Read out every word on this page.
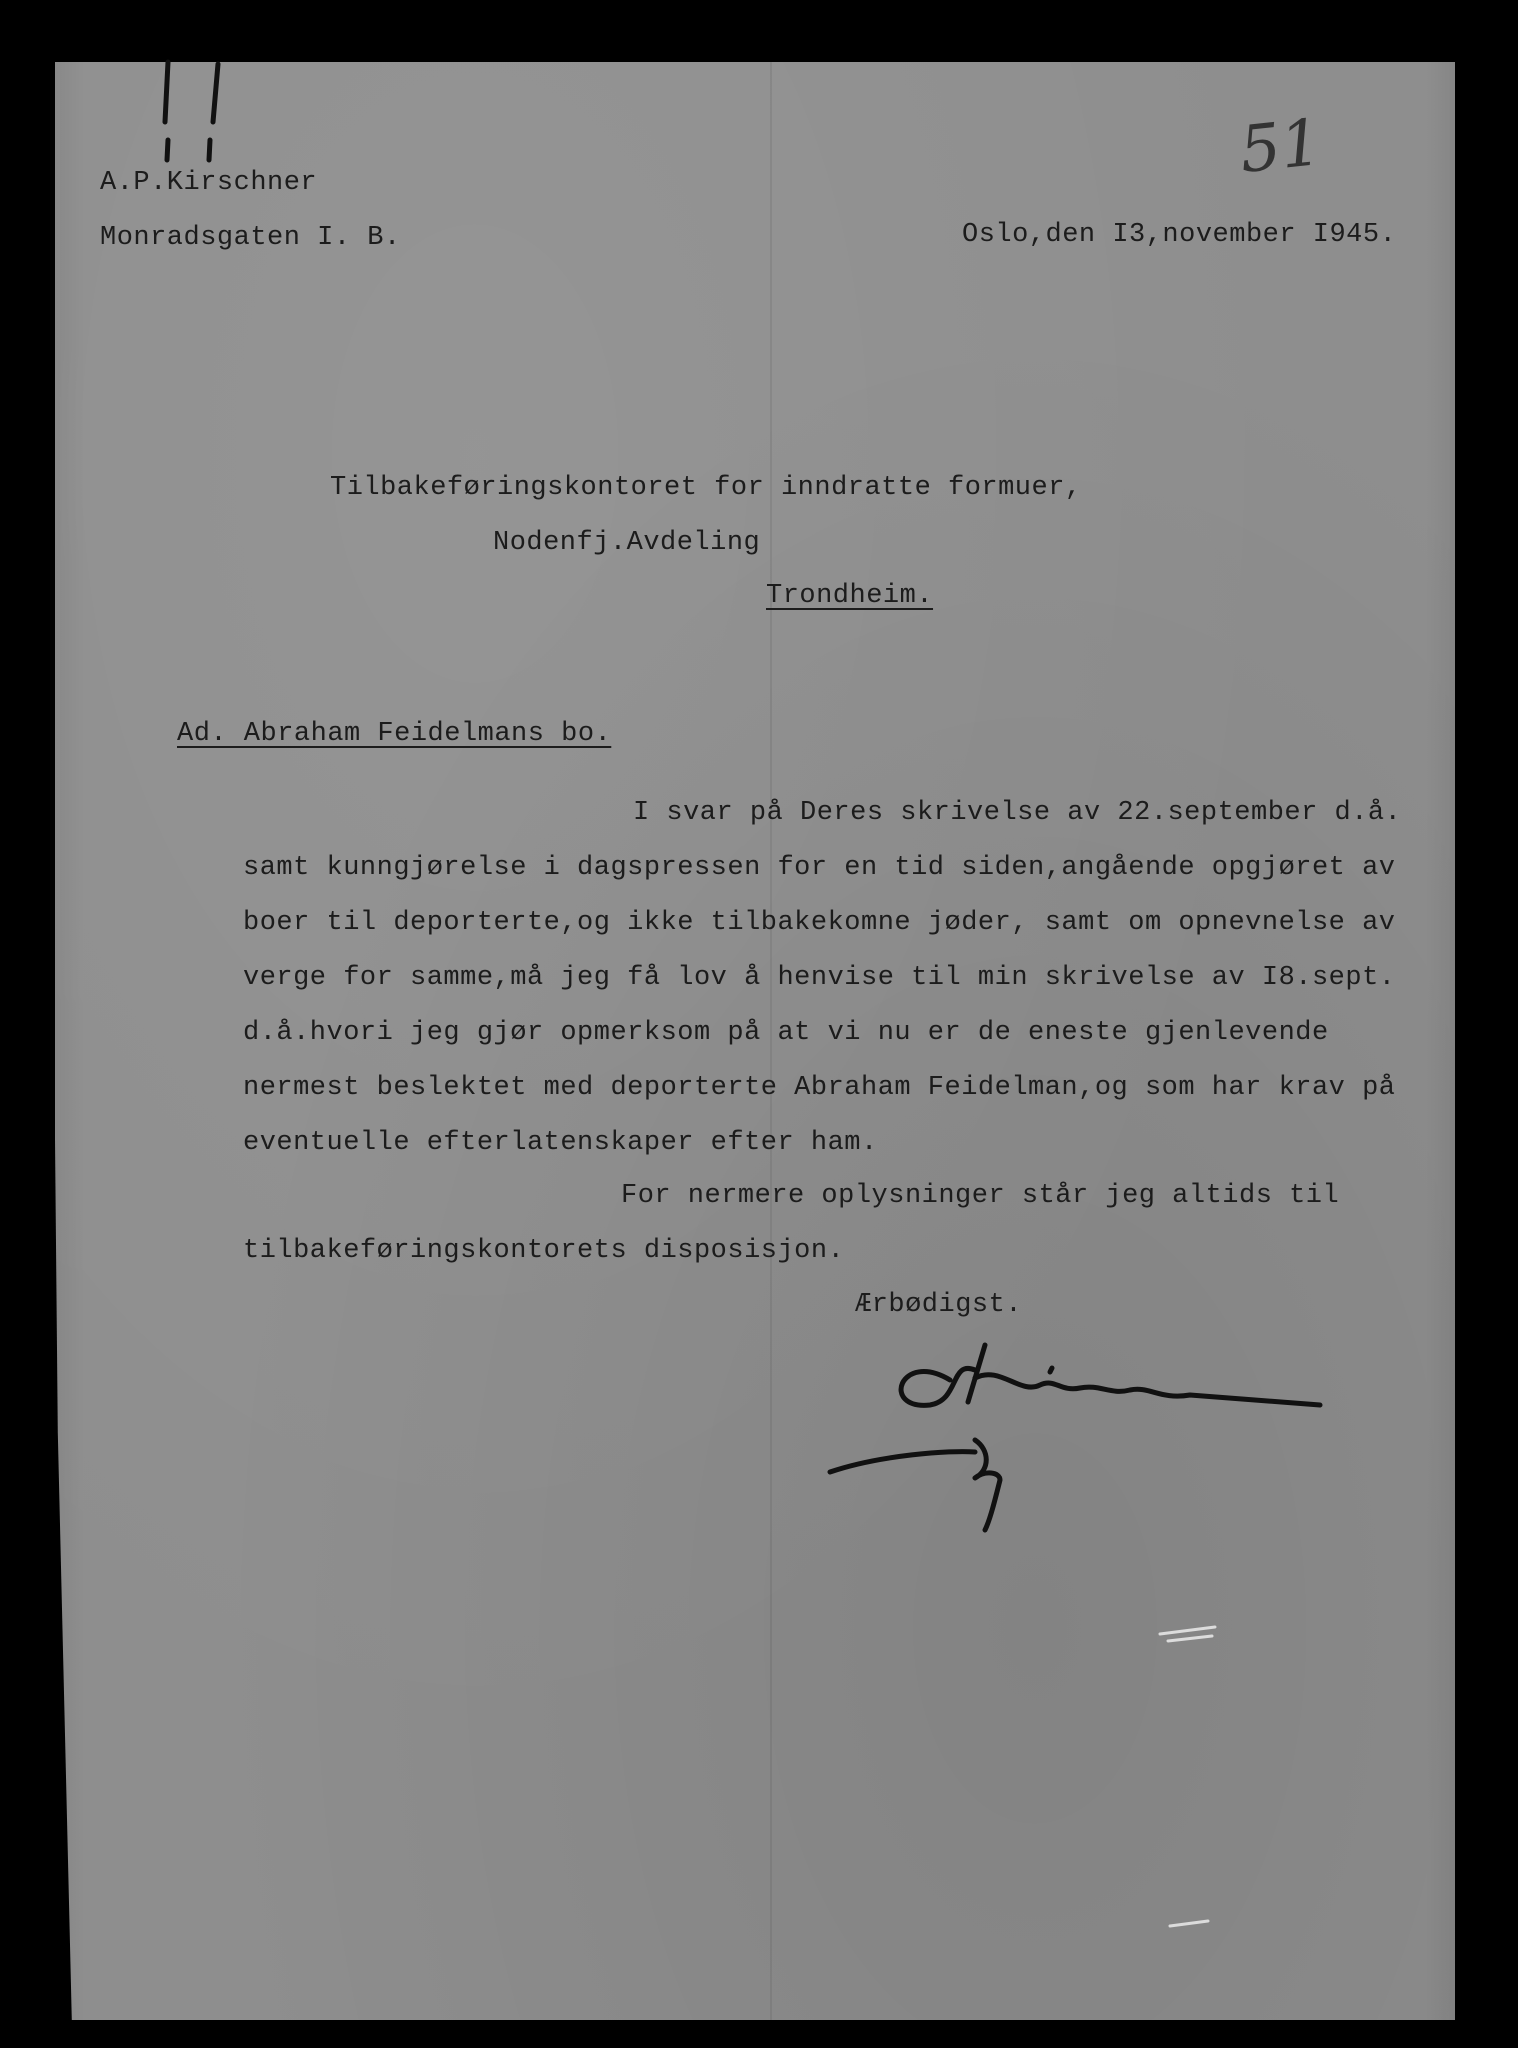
51
A.P.Kirschner
Monradsgaten I. B.	Oslo,den I3,november I945.
Tilbakeføringskontoret for inndratte formuer,
Nodenfj.Avdeling
Trondheim.
Ad. Abraham Feidelmans bo.
I svar på Deres skrivelse av 22.september d.å.
samt kunngjørelse i dagspressen for en tid siden,angående opgjøret av
boer til deporterte,og ikke tilbakekomne jøder, samt om opnevnelse av
verge for samme,må jeg få lov å henvise til min skrivelse av I8.sept.
d.å.hvori jeg gjør opmerksom på at vi nu er de eneste gjenlevende
nermest beslektet med deporterte Abraham Feidelman,og som har krav på
eventuelle efterlatenskaper efter ham.
For nermere oplysninger står jeg altids til
tilbakeføringskontorets disposisjon.
Ærbødigst.
